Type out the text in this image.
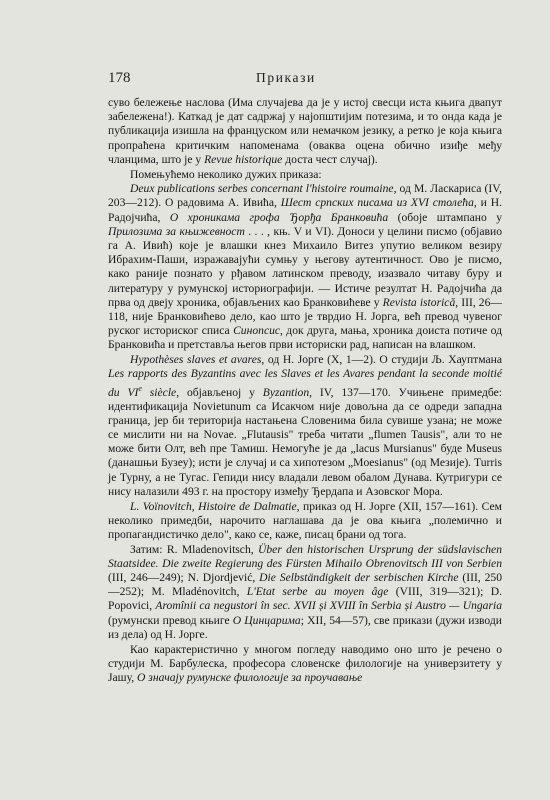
178	Прикази

суво бележење наслова (Има случајева да је у истој свесци иста књига двапут забележена!). Каткад је дат садржај у најопштијим потезима, и то онда када је публикација изишла на француском или немачком језику, а ретко је која књига пропраћена критичким напоменама (оваква оцена обично изиђе међу чланцима, што је у Revue historique доста чест случај).

Помењућемо неколико дужих приказа:

Deux publications serbes concernant l'histoire roumaine, од М. Ласкариса (IV, 203—212). О радовима А. Ивића, Шест српских писама из XVI столећа, и Н. Радојчића, О хроникама грофа Ђорђа Бранковића (обоје штампано у Прилозима за књижевност . . . , књ. V и VI). Доноси у целини писмо (објавио га А. Ивић) које је влашки кнез Михаило Витез упутио великом везиру Ибрахим-Паши, изражавајући сумњу у његову аутентичност. Ово је писмо, како раније познато у рђавом латинском преводу, изазвало читаву буру и литературу у румунској историографији. — Истиче резултат Н. Радојчића да прва од двеју хроника, објављених као Бранковићеве у Revista istorică, III, 26—118, није Бранковићево дело, као што је тврдио Н. Јорга, већ превод чувеног руског историског списа Синопсис, док друга, мања, хроника доиста потиче од Бранковића и претставља његов први историски рад, написан на влашком.

Hypothèses slaves et avares, од Н. Јорге (X, 1—2). О студији Љ. Хауптмана Les rapports des Byzantins avec les Slaves et les Avares pendant la seconde moitié du VIe siècle, објављеној у Byzantion, IV, 137—170. Учињене примедбе: идентификација Novietunum са Исакчом није довољна да се одреди западна граница, јер би територија настањена Словенима била сувише узана; не може се мислити ни на Novae. „Flutausis" треба читати „flumen Tausis", али то не може бити Олт, већ пре Тамиш. Немогуће је да „lacus Mursianus" буде Museus (данашњи Бузеу); исти је случај и са хипотезом „Moesianus" (од Мезије). Turris је Турну, а не Тугас. Гепиди нису владали левом обалом Дунава. Кутригури се нису налазили 493 г. на простору између Ђердапа и Азовског Мора.

L. Voïnovitch, Histoire de Dalmatie, приказ од Н. Јорге (XII, 157—161). Сем неколико примедби, нарочито наглашава да је ова књига „полемично и пропагандистичко дело", како се, каже, писац брани од тога.

Затим: R. Mladenovitsch, Über den historischen Ursprung der südslavischen Staatsidee. Die zweite Regierung des Fürsten Mihailo Obrenovitsch III von Serbien (III, 246—249); N. Djordjević, Die Selbständigkeit der serbischen Kirche (III, 250—252); M. Mladénovitch, L'Etat serbe au moyen âge (VIII, 319—321); D. Popovici, Aromînii ca negustori în sec. XVII și XVIII în Serbia și Austro — Ungaria (румунски превод књиге О Цинцарима; XII, 54—57), све прикази (дужи изводи из дела) од Н. Јорге.

Као карактеристично у многом погледу наводимо оно што је речено о студији М. Барбулеска, професора словенске филологије на универзитету у Јашу, О значају румунске филологије за проучавање
